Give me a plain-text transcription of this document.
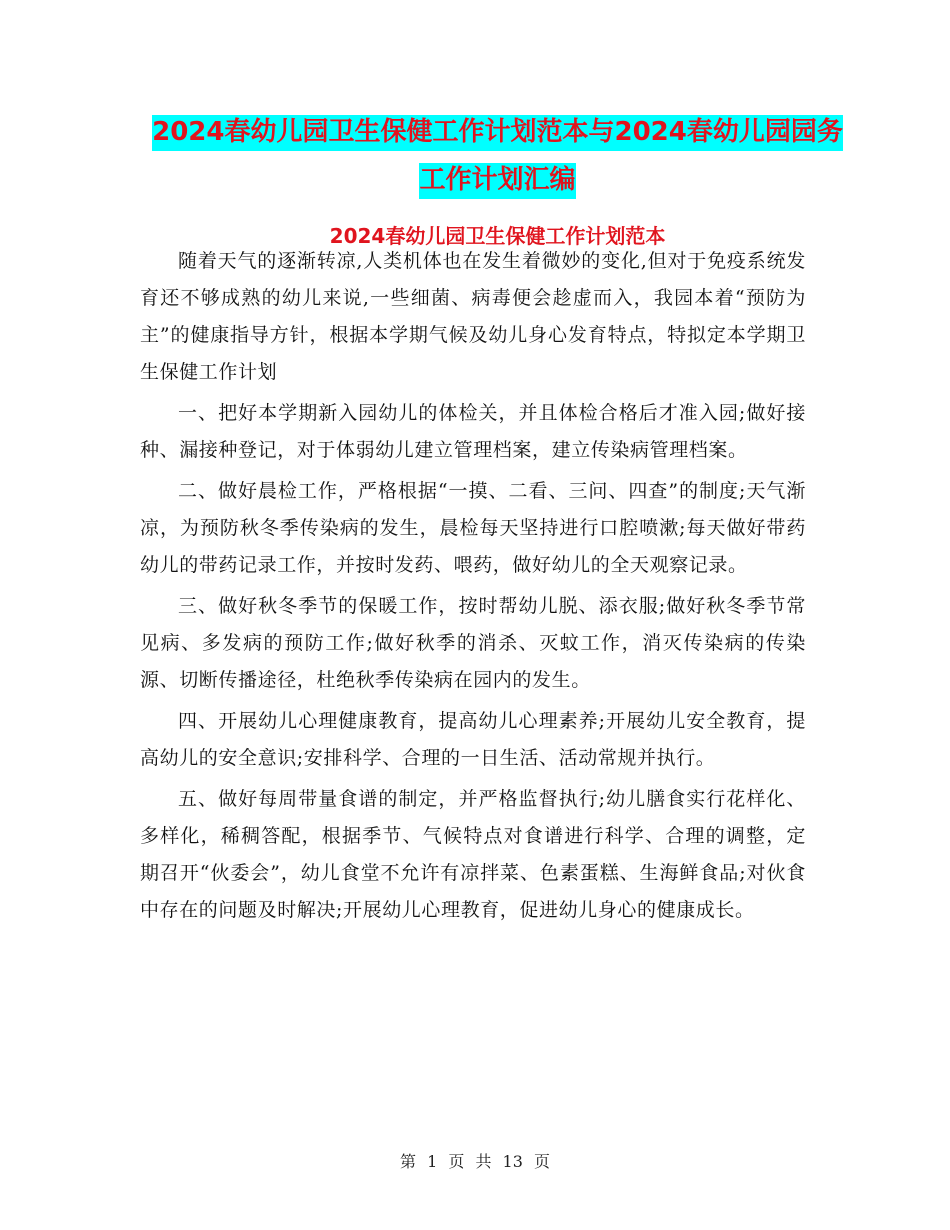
2024春幼儿园卫生保健工作计划范本与2024春幼儿园园务工作计划汇编
2024春幼儿园卫生保健工作计划范本

随着天气的逐渐转凉,人类机体也在发生着微妙的变化,但对于免疫系统发育还不够成熟的幼儿来说,一些细菌、病毒便会趁虚而入，我园本着“预防为主”的健康指导方针，根据本学期气候及幼儿身心发育特点，特拟定本学期卫生保健工作计划

一、把好本学期新入园幼儿的体检关，并且体检合格后才准入园;做好接种、漏接种登记，对于体弱幼儿建立管理档案，建立传染病管理档案。

二、做好晨检工作，严格根据“一摸、二看、三问、四查”的制度;天气渐凉，为预防秋冬季传染病的发生，晨检每天坚持进行口腔喷漱;每天做好带药幼儿的带药记录工作，并按时发药、喂药，做好幼儿的全天观察记录。

三、做好秋冬季节的保暖工作，按时帮幼儿脱、添衣服;做好秋冬季节常见病、多发病的预防工作;做好秋季的消杀、灭蚊工作，消灭传染病的传染源、切断传播途径，杜绝秋季传染病在园内的发生。

四、开展幼儿心理健康教育，提高幼儿心理素养;开展幼儿安全教育，提高幼儿的安全意识;安排科学、合理的一日生活、活动常规并执行。

五、做好每周带量食谱的制定，并严格监督执行;幼儿膳食实行花样化、多样化，稀稠答配，根据季节、气候特点对食谱进行科学、合理的调整，定期召开“伙委会”，幼儿食堂不允许有凉拌菜、色素蛋糕、生海鲜食品;对伙食中存在的问题及时解决;开展幼儿心理教育，促进幼儿身心的健康成长。

第 1 页 共 13 页
